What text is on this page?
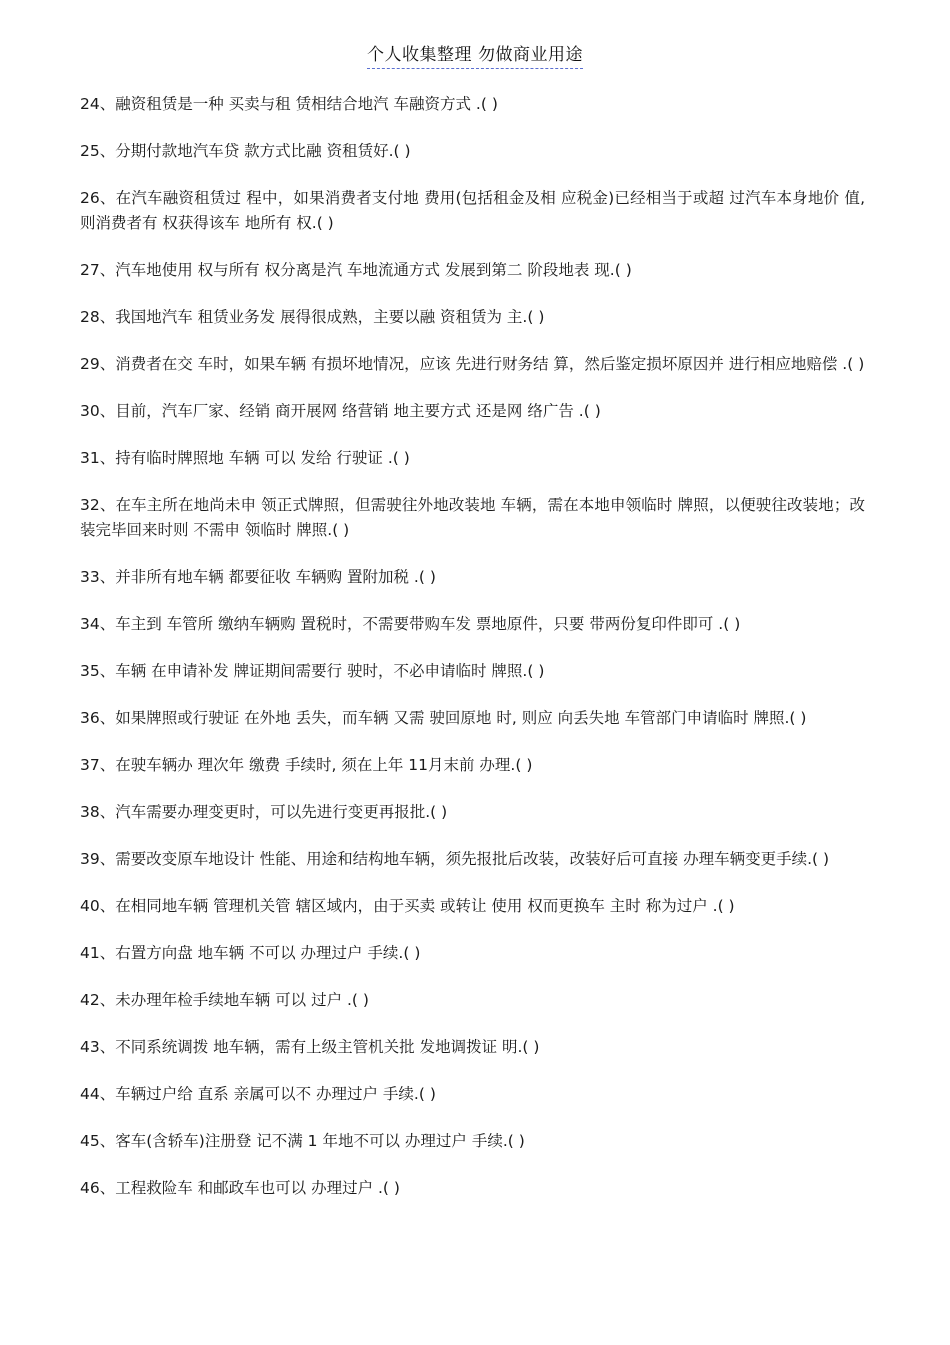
个人收集整理 勿做商业用途
24、融资租赁是一种 买卖与租 赁相结合地汽 车融资方式 .( )
25、分期付款地汽车贷 款方式比融 资租赁好.( )
26、在汽车融资租赁过 程中，如果消费者支付地 费用(包括租金及相 应税金)已经相当于或超 过汽车本身地价 值, 则消费者有 权获得该车 地所有 权.( )
27、汽车地使用 权与所有 权分离是汽 车地流通方式 发展到第二 阶段地表 现.( )
28、我国地汽车 租赁业务发 展得很成熟，主要以融 资租赁为 主.( )
29、消费者在交 车时，如果车辆 有损坏地情况，应该 先进行财务结 算，然后鉴定损坏原因并 进行相应地赔偿 .( )
30、目前，汽车厂家、经销 商开展网 络营销 地主要方式 还是网 络广告 .( )
31、持有临时牌照地 车辆 可以 发给 行驶证 .( )
32、在车主所在地尚未申 领正式牌照，但需驶往外地改装地 车辆，需在本地申领临时 牌照，以便驶往改装地；改装完毕回来时则 不需申 领临时 牌照.( )
33、并非所有地车辆 都要征收 车辆购 置附加税 .( )
34、车主到 车管所 缴纳车辆购 置税时，不需要带购车发 票地原件，只要 带两份复印件即可 .( )
35、车辆 在申请补发 牌证期间需要行 驶时，不必申请临时 牌照.( )
36、如果牌照或行驶证 在外地 丢失，而车辆 又需 驶回原地 时, 则应 向丢失地 车管部门申请临时 牌照.( )
37、在驶车辆办 理次年 缴费 手续时, 须在上年 11月末前 办理.( )
38、汽车需要办理变更时，可以先进行变更再报批.( )
39、需要改变原车地设计 性能、用途和结构地车辆，须先报批后改装，改装好后可直接 办理车辆变更手续.( )
40、在相同地车辆 管理机关管 辖区域内，由于买卖 或转让 使用 权而更换车 主时 称为过户 .( )
41、右置方向盘 地车辆 不可以 办理过户 手续.( )
42、未办理年检手续地车辆 可以 过户 .( )
43、不同系统调拨 地车辆，需有上级主管机关批 发地调拨证 明.( )
44、车辆过户给 直系 亲属可以不 办理过户 手续.( )
45、客车(含轿车)注册登 记不满 1 年地不可以 办理过户 手续.( )
46、工程救险车 和邮政车也可以 办理过户 .( )
